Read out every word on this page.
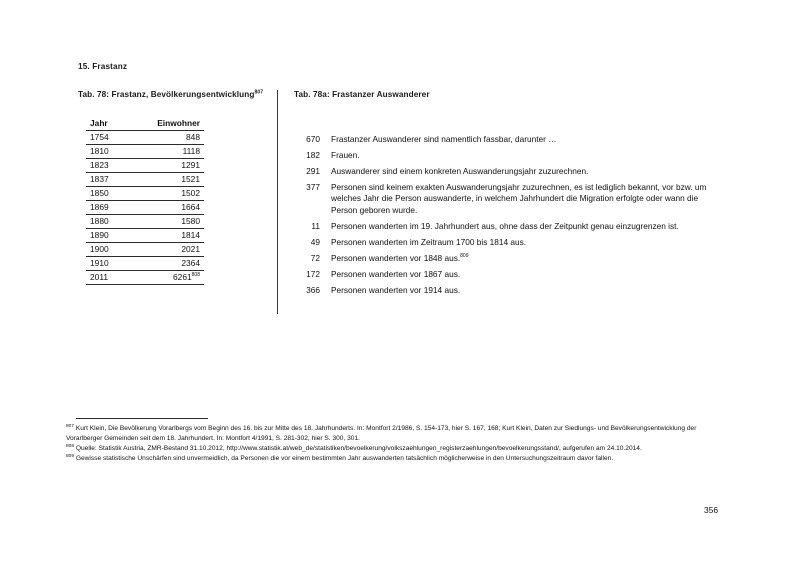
15. Frastanz
Tab. 78: Frastanz, Bevölkerungsentwicklung$^{807}$	Tab. 78a: Frastanzer Auswanderer
Jahr	Einwohner
1754	848
1810	1118
1823	1291
1837	1521
1850	1502
1869	1664
1880	1580
1890	1814
1900	2021
1910	2364
2011	6261$^{808}$
670 Frastanzer Auswanderer sind namentlich fassbar, darunter …
182 Frauen.
291 Auswanderer sind einem konkreten Auswanderungsjahr zuzurechnen.
377 Personen sind keinem exakten Auswanderungsjahr zuzurechnen, es ist lediglich bekannt, vor bzw. um welches Jahr die Person auswanderte, in welchem Jahrhundert die Migration erfolgte oder wann die Person geboren wurde.
11 Personen wanderten im 19. Jahrhundert aus, ohne dass der Zeitpunkt genau einzugrenzen ist.
49 Personen wanderten im Zeitraum 1700 bis 1814 aus.
72 Personen wanderten vor 1848 aus.$^{809}$
172 Personen wanderten vor 1867 aus.
366 Personen wanderten vor 1914 aus.
$^{807}$ Kurt Klein, Die Bevölkerung Vorarlbergs vom Beginn des 16. bis zur Mitte des 18. Jahrhunderts. In: Montfort 2/1986, S. 154-173, hier S. 167, 168; Kurt Klein, Daten zur Siedlungs- und Bevölkerungsentwicklung der Vorarlberger Gemeinden seit dem 18. Jahrhundert. In: Montfort 4/1991, S. 281-302, hier S. 300, 301.
$^{808}$ Quelle: Statistik Austria, ZMR-Bestand 31.10.2012, http://www.statistik.at/web_de/statistiken/bevoelkerung/volkszaehlungen_registerzaehlungen/bevoelkerungsstand/, aufgerufen am 24.10.2014.
$^{809}$ Gewisse statistische Unschärfen sind unvermeidlich, da Personen die vor einem bestimmten Jahr auswanderten tatsächlich möglicherweise in den Untersuchungszeitraum davor fallen.
356
